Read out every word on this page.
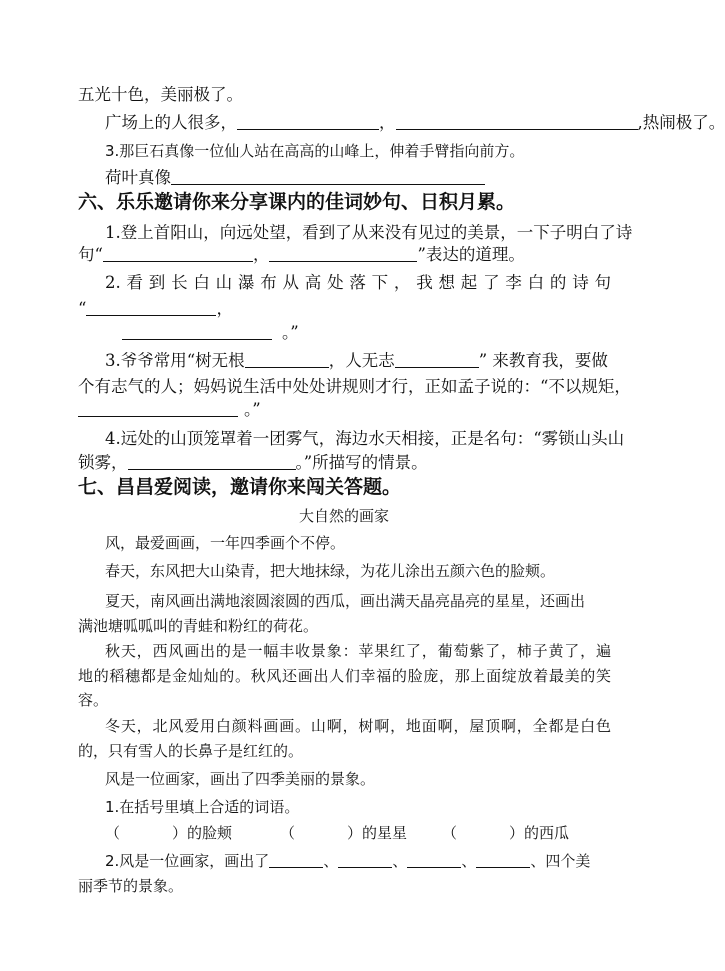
五光十色，美丽极了。
广场上的人很多，	，	,热闹极了。
3.那巨石真像一位仙人站在高高的山峰上，伸着手臂指向前方。
荷叶真像
六、乐乐邀请你来分享课内的佳词妙句、日积月累。
1.登上首阳山，向远处望，看到了从来没有见过的美景，一下子明白了诗
句“	，	”表达的道理。
2.看到长白山瀑布从高处落下，我想起了李白的诗句
“	，
。”
3.爷爷常用“树无根	，人无志	” 来教育我，要做
个有志气的人；妈妈说生活中处处讲规则才行，正如孟子说的：“不以规矩，
。”
4.远处的山顶笼罩着一团雾气，海边水天相接，正是名句：“雾锁山头山
锁雾，	。”所描写的情景。
七、昌昌爱阅读，邀请你来闯关答题。
大自然的画家
风，最爱画画，一年四季画个不停。
春天，东风把大山染青，把大地抹绿，为花儿涂出五颜六色的脸颊。
夏天，南风画出满地滚圆滚圆的西瓜，画出满天晶亮晶亮的星星，还画出
满池塘呱呱叫的青蛙和粉红的荷花。
秋天，西风画出的是一幅丰收景象：苹果红了，葡萄紫了，柿子黄了，遍
地的稻穗都是金灿灿的。秋风还画出人们幸福的脸庞，那上面绽放着最美的笑
容。
冬天，北风爱用白颜料画画。山啊，树啊，地面啊，屋顶啊，全都是白色
的，只有雪人的长鼻子是红红的。
风是一位画家，画出了四季美丽的景象。
1.在括号里填上合适的词语。
（	）的脸颊	（	）的星星 （	）的西瓜
2.风是一位画家，画出了	、	、	、	、四个美
丽季节的景象。
